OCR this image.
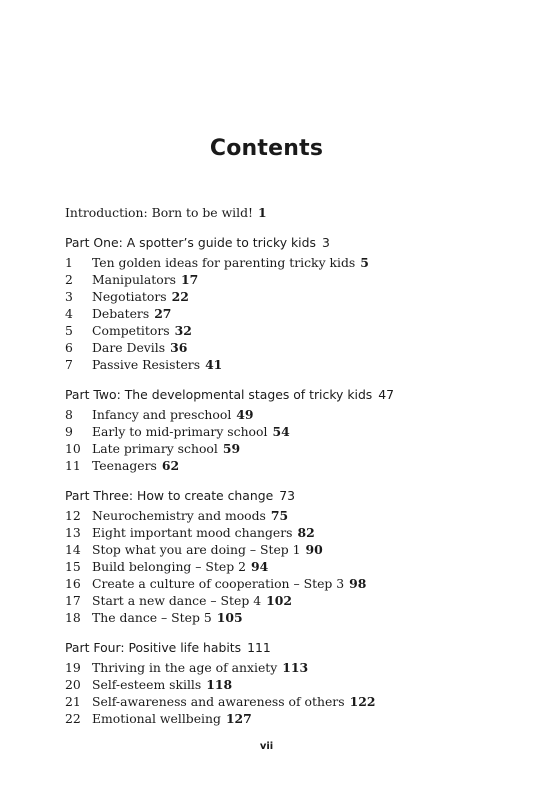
Contents
Introduction: Born to be wild! 1
Part One: A spotter’s guide to tricky kids 3
1	Ten golden ideas for parenting tricky kids 5
2	Manipulators 17
3	Negotiators 22
4	Debaters 27
5	Competitors 32
6	Dare Devils 36
7	Passive Resisters 41
Part Two: The developmental stages of tricky kids 47
8	Infancy and preschool 49
9	Early to mid-primary school 54
10 Late primary school 59
11 Teenagers 62
Part Three: How to create change 73
12 Neurochemistry and moods 75
13 Eight important mood changers 82
14 Stop what you are doing – Step 1 90
15 Build belonging – Step 2 94
16 Create a culture of cooperation – Step 3 98
17 Start a new dance – Step 4 102
18 The dance – Step 5 105
Part Four: Positive life habits 111
19 Thriving in the age of anxiety 113
20 Self-esteem skills 118
21 Self-awareness and awareness of others 122
22 Emotional wellbeing 127
vii
